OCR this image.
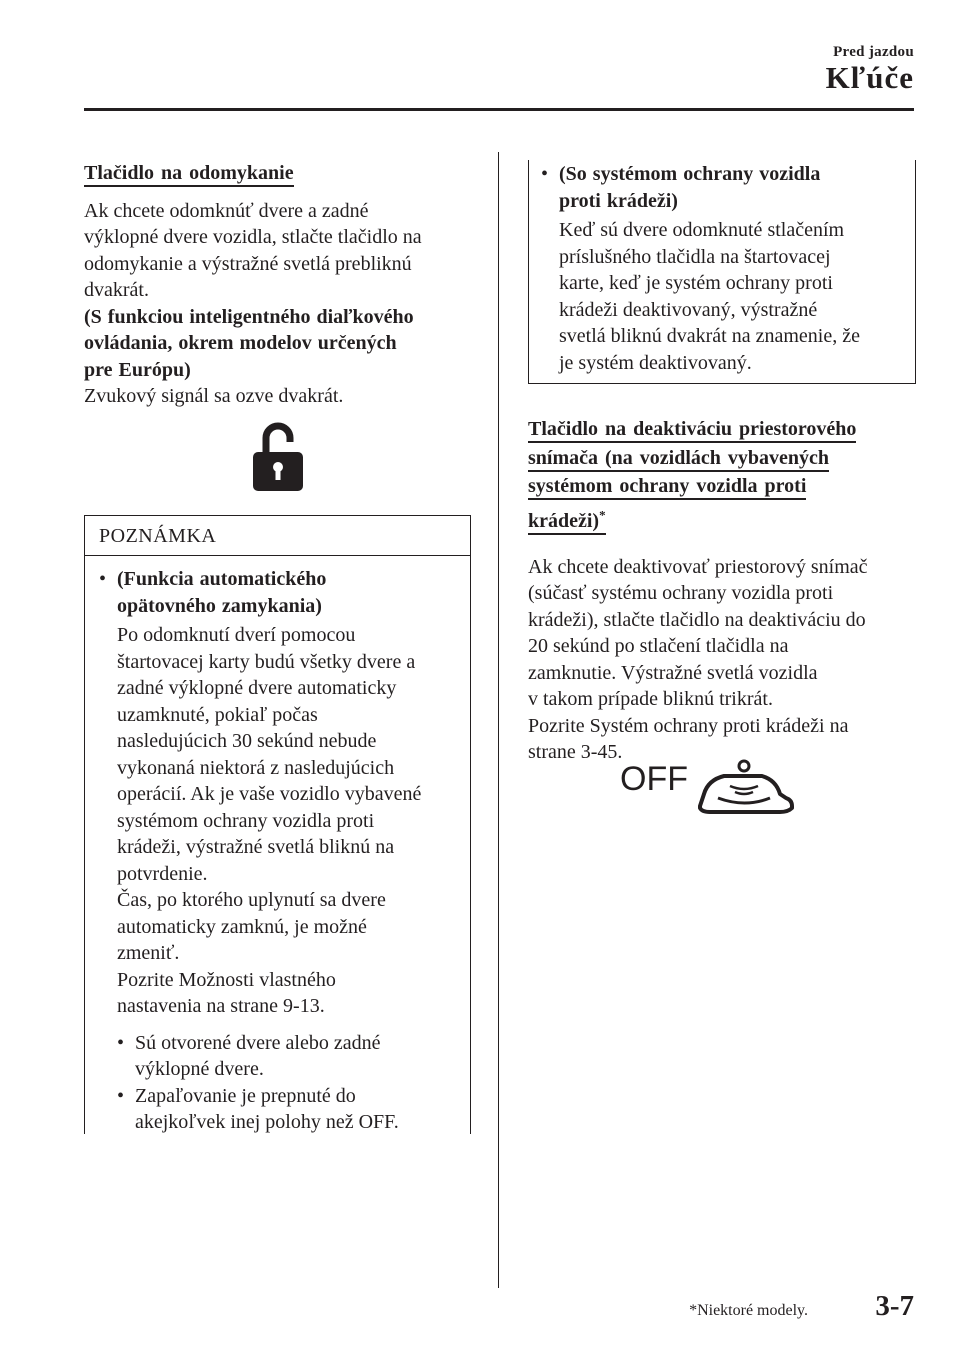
Pred jazdou
Kľúče
Tlačidlo na odomykanie

Ak chcete odomknúť dvere a zadné

výklopné dvere vozidla, stlačte tlačidlo na

odomykanie a výstražné svetlá prebliknú

dvakrát.

(S funkciou inteligentného diaľkového

ovládania, okrem modelov určených

pre Európu)

Zvukový signál sa ozve dvakrát.

POZNÁMKA
• (Funkcia automatického

opätovného zamykania)

Po odomknutí dverí pomocou

štartovacej karty budú všetky dvere a

zadné výklopné dvere automaticky

uzamknuté, pokiaľ počas

nasledujúcich 30 sekúnd nebude

vykonaná niektorá z nasledujúcich

operácií. Ak je vaše vozidlo vybavené

systémom ochrany vozidla proti

krádeži, výstražné svetlá bliknú na

potvrdenie.

Čas, po ktorého uplynutí sa dvere

automaticky zamknú, je možné

zmeniť.

Pozrite Možnosti vlastného

nastavenia na strane 9-13.

• Sú otvorené dvere alebo zadné

výklopné dvere.

• Zapaľovanie je prepnuté do

akejkoľvek inej polohy než OFF.

• (So systémom ochrany vozidla

proti krádeži)

Keď sú dvere odomknuté stlačením

príslušného tlačidla na štartovacej

karte, keď je systém ochrany proti

krádeži deaktivovaný, výstražné

svetlá bliknú dvakrát na znamenie, že

je systém deaktivovaný.

Tlačidlo na deaktiváciu priestorového
snímača (na vozidlách vybavených
systémom ochrany vozidla proti
krádeži)*

Ak chcete deaktivovať priestorový snímač

(súčasť systému ochrany vozidla proti

krádeži), stlačte tlačidlo na deaktiváciu do

20 sekúnd po stlačení tlačidla na

zamknutie. Výstražné svetlá vozidla

v takom prípade bliknú trikrát.

Pozrite Systém ochrany proti krádeži na

strane 3-45.

OFF
*Niektoré modely. 3-7
